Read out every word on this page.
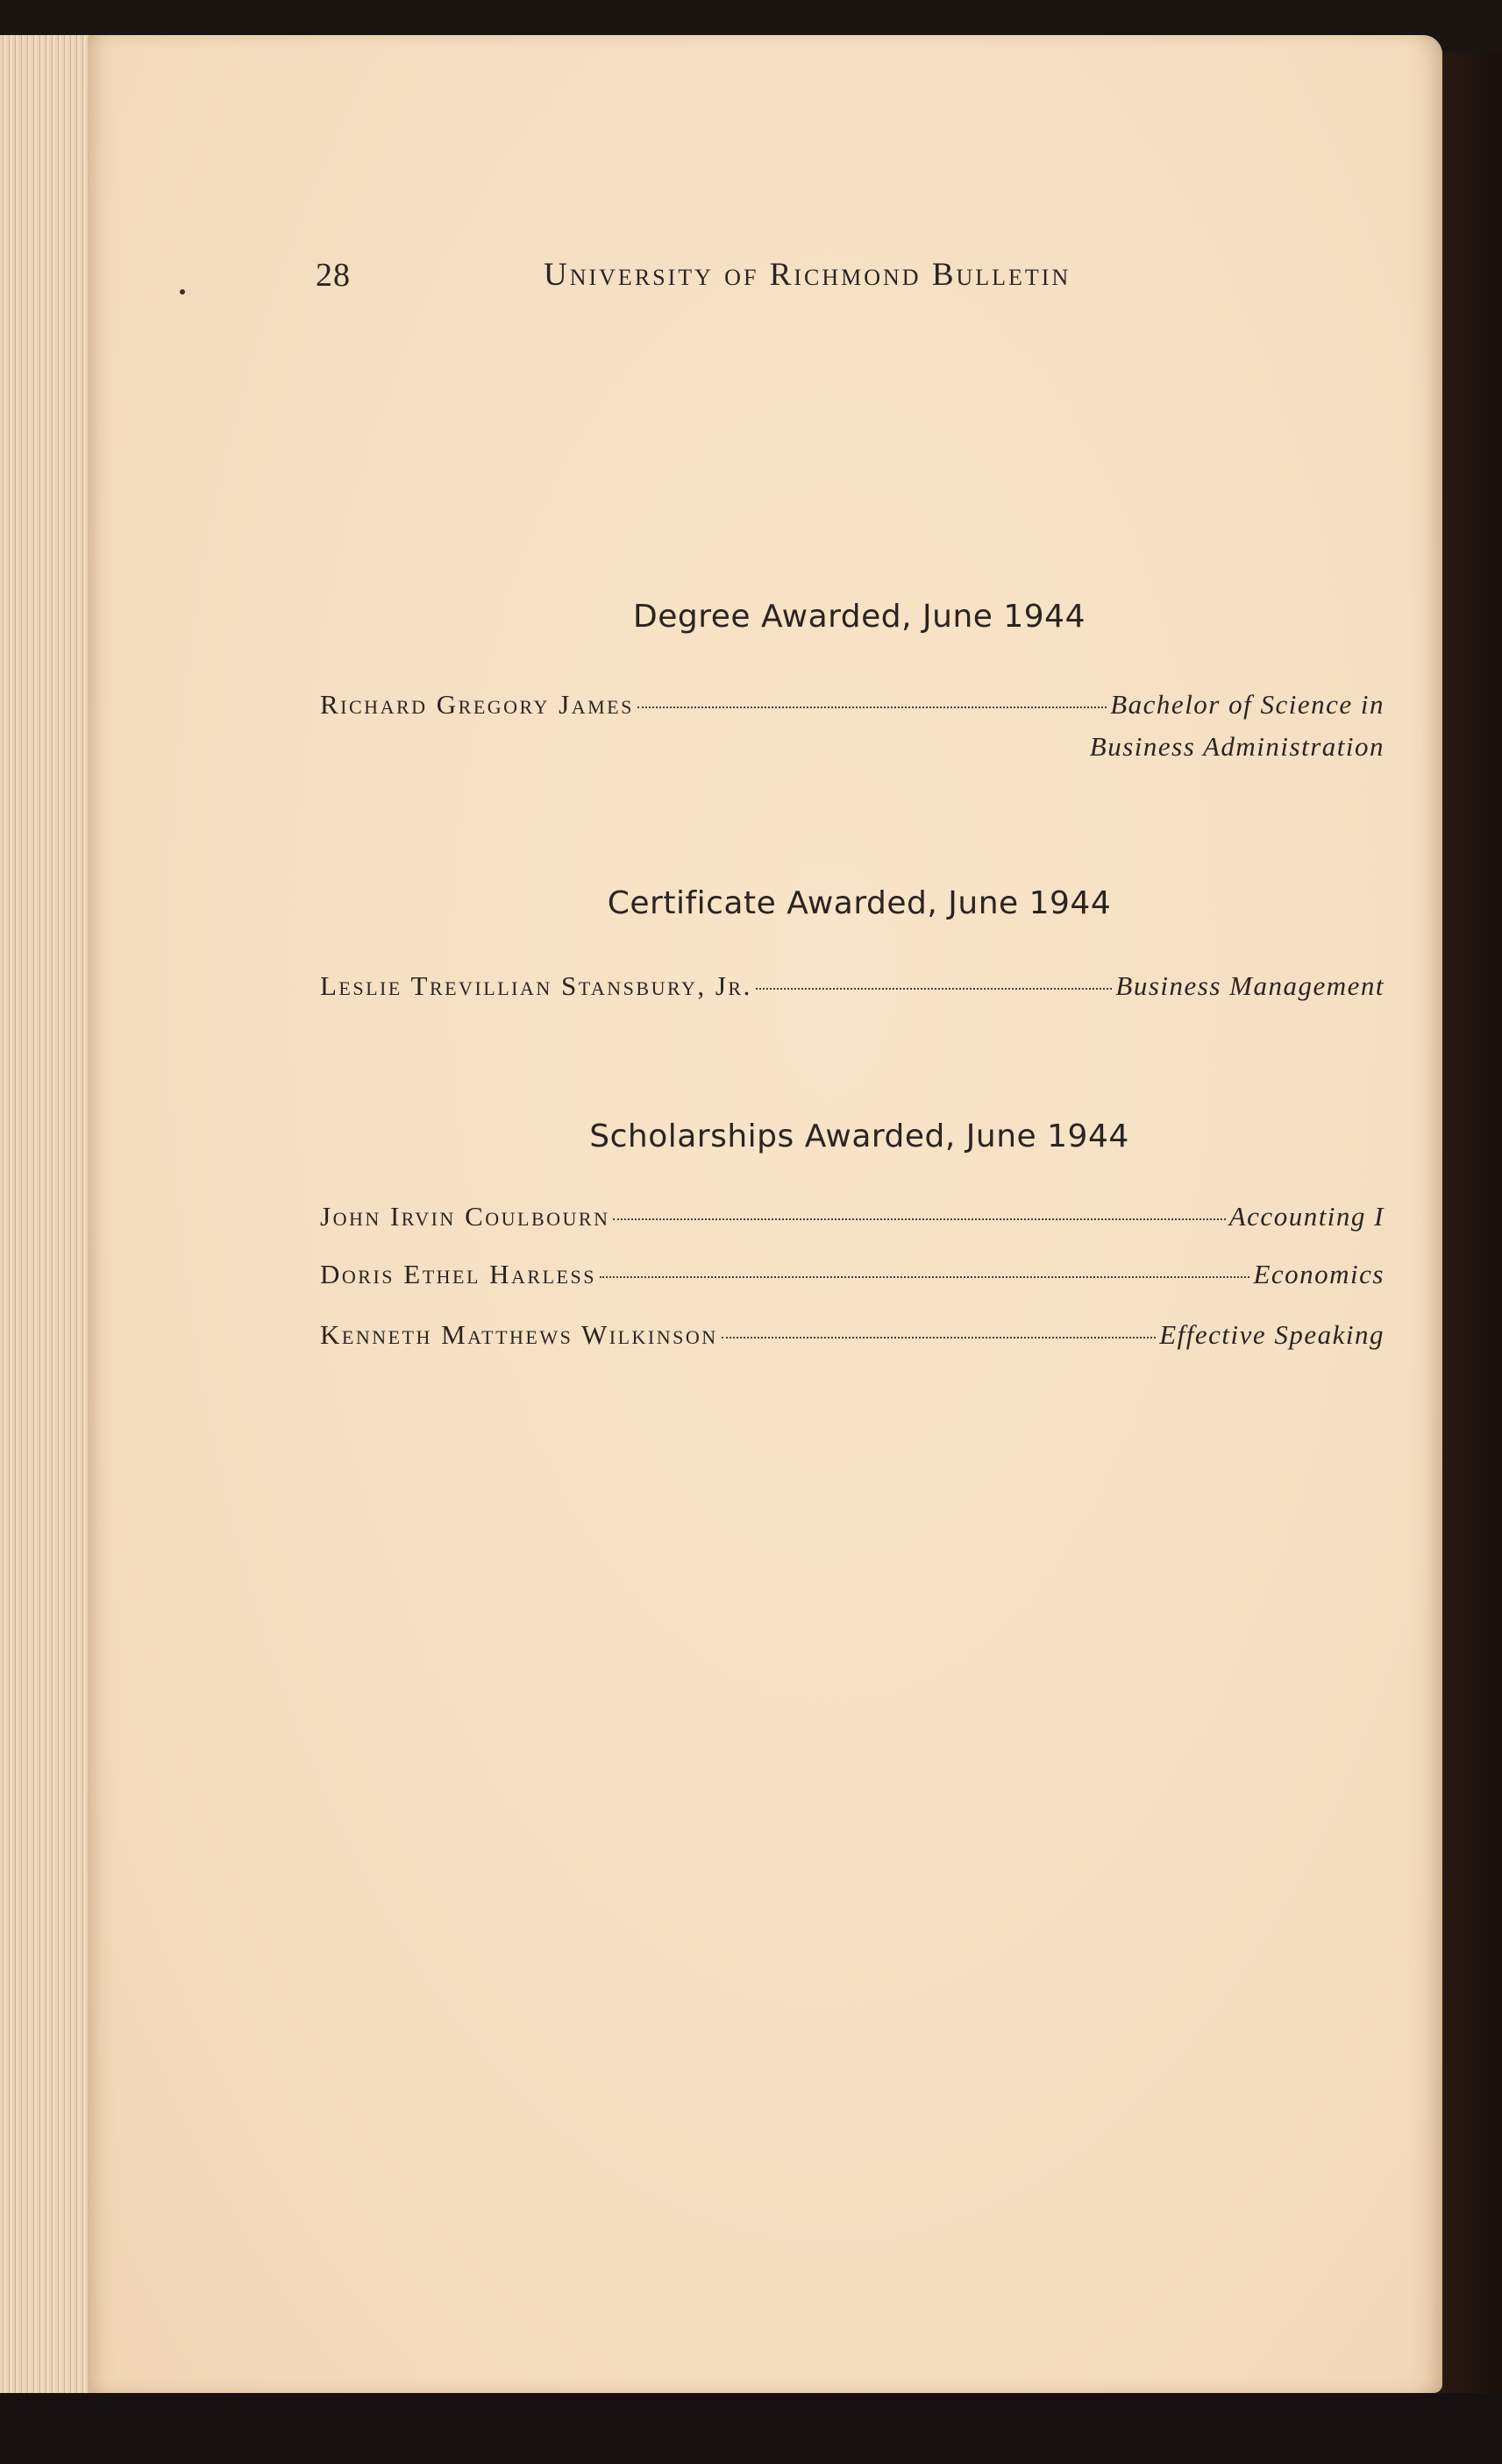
28	University of Richmond Bulletin
Degree Awarded, June 1944
Richard Gregory James	Bachelor of Science in
Business Administration
Certificate Awarded, June 1944
Leslie Trevillian Stansbury, Jr.	Business Management
Scholarships Awarded, June 1944
John Irvin Coulbourn	Accounting I
Doris Ethel Harless	Economics
Kenneth Matthews Wilkinson	Effective Speaking
